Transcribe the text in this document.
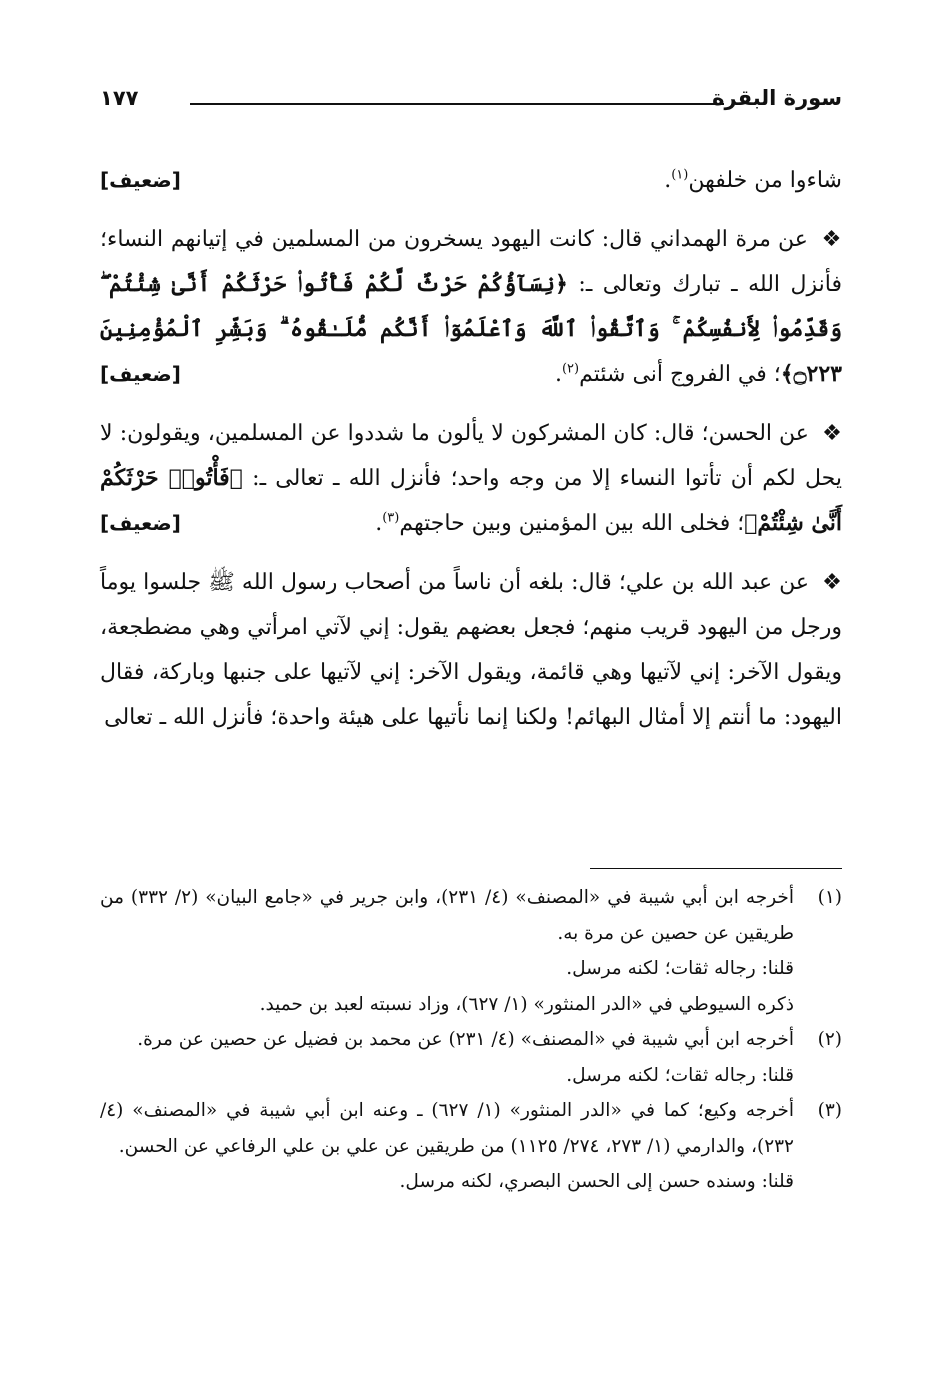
سورة البقرة
١٧٧

[ضعيف]	شاءوا من خلفهن$^{(١)}$.

❖ عن مرة الهمداني قال: كانت اليهود يسخرون من المسلمين في إتيانهم النساء؛ فأنزل الله ـ تبارك وتعالى ـ: ﴿نِسَآؤُكُمْ حَرْثٌ لَّكُمْ فَأْتُوا۟ حَرْثَكُمْ أَنَّىٰ شِئْتُمْ ۖ وَقَدِّمُوا۟ لِأَنفُسِكُمْ ۚ وَٱتَّقُوا۟ ٱللَّهَ وَٱعْلَمُوٓا۟ أَنَّكُم مُّلَـٰقُوهُ ۗ وَبَشِّرِ ٱلْمُؤْمِنِينَ ۝٢٢٣﴾؛ في الفروج أنى شئتم$^{(٢)}$.
[ضعيف]

❖ عن الحسن؛ قال: كان المشركون لا يألون ما شددوا عن المسلمين، ويقولون: لا يحل لكم أن تأتوا النساء إلا من وجه واحد؛ فأنزل الله ـ تعالى ـ: ﴿فَأْتُوا۟ حَرْثَكُمْ أَنَّىٰ شِئْتُمْ﴾؛ فخلى الله بين المؤمنين وبين حاجتهم$^{(٣)}$.
[ضعيف]

❖ عن عبد الله بن علي؛ قال: بلغه أن ناساً من أصحاب رسول الله ﷺ جلسوا يوماً ورجل من اليهود قريب منهم؛ فجعل بعضهم يقول: إني لآتي امرأتي وهي مضطجعة، ويقول الآخر: إني لآتيها وهي قائمة، ويقول الآخر: إني لآتيها على جنبها وباركة، فقال اليهود: ما أنتم إلا أمثال البهائم! ولكنا إنما نأتيها على هيئة واحدة؛ فأنزل الله ـ تعالى

(١)
أخرجه ابن أبي شيبة في «المصنف» (٤/ ٢٣١)، وابن جرير في «جامع البيان» (٢/ ٣٣٢) من طريقين عن حصين عن مرة به.
قلنا: رجاله ثقات؛ لكنه مرسل.
ذكره السيوطي في «الدر المنثور» (١/ ٦٢٧)، وزاد نسبته لعبد بن حميد.
(٢)
أخرجه ابن أبي شيبة في «المصنف» (٤/ ٢٣١) عن محمد بن فضيل عن حصين عن مرة.
قلنا: رجاله ثقات؛ لكنه مرسل.
(٣)
أخرجه وكيع؛ كما في «الدر المنثور» (١/ ٦٢٧) ـ وعنه ابن أبي شيبة في «المصنف» (٤/ ٢٣٢)، والدارمي (١/ ٢٧٣، ٢٧٤/ ١١٢٥) من طريقين عن علي بن علي الرفاعي عن الحسن.
قلنا: وسنده حسن إلى الحسن البصري، لكنه مرسل.
